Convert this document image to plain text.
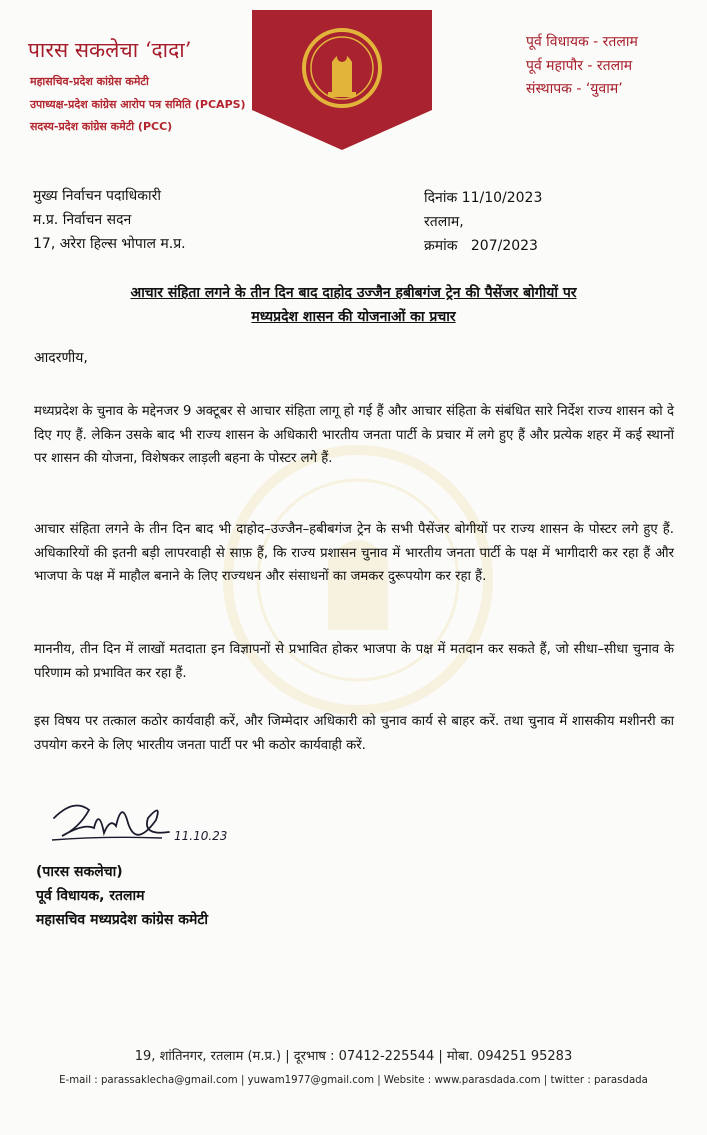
पारस सकलेचा ‘दादा’
महासचिव-प्रदेश कांग्रेस कमेटी
उपाध्यक्ष-प्रदेश कांग्रेस आरोप पत्र समिति (PCAPS)
सदस्य-प्रदेश कांग्रेस कमेटी (PCC)
पूर्व विधायक - रतलाम
पूर्व महापौर - रतलाम
संस्थापक - ‘युवाम’
मुख्य निर्वाचन पदाधिकारी
म.प्र. निर्वाचन सदन
17, अरेरा हिल्स भोपाल म.प्र.
दिनांक 11/10/2023
रतलाम,
क्रमांक 207/2023
आचार संहिता लगने के तीन दिन बाद दाहोद उज्जैन हबीबगंज ट्रेन की पैसेंजर बोगीयों पर
मध्यप्रदेश शासन की योजनाओं का प्रचार
आदरणीय,
मध्यप्रदेश के चुनाव के मद्देनजर 9 अक्टूबर से आचार संहिता लागू हो गई हैं और आचार संहिता के संबंधित सारे निर्देश राज्य शासन को दे दिए गए हैं. लेकिन उसके बाद भी राज्य शासन के अधिकारी भारतीय जनता पार्टी के प्रचार में लगे हुए हैं और प्रत्येक शहर में कई स्थानों पर शासन की योजना, विशेषकर लाड़ली बहना के पोस्टर लगे हैं.
आचार संहिता लगने के तीन दिन बाद भी दाहोद–उज्जैन–हबीबगंज ट्रेन के सभी पैसेंजर बोगीयों पर राज्य शासन के पोस्टर लगे हुए हैं. अधिकारियों की इतनी बड़ी लापरवाही से साफ़ हैं, कि राज्य प्रशासन चुनाव में भारतीय जनता पार्टी के पक्ष में भागीदारी कर रहा हैं और भाजपा के पक्ष में माहौल बनाने के लिए राज्यधन और संसाधनों का जमकर दुरूपयोग कर रहा हैं.
माननीय, तीन दिन में लाखों मतदाता इन विज्ञापनों से प्रभावित होकर भाजपा के पक्ष में मतदान कर सकते हैं, जो सीधा–सीधा चुनाव के परिणाम को प्रभावित कर रहा हैं.
इस विषय पर तत्काल कठोर कार्यवाही करें, और जिम्मेदार अधिकारी को चुनाव कार्य से बाहर करें. तथा चुनाव में शासकीय मशीनरी का उपयोग करने के लिए भारतीय जनता पार्टी पर भी कठोर कार्यवाही करें.
11.10.23
(पारस सकलेचा)
पूर्व विधायक, रतलाम
महासचिव मध्यप्रदेश कांग्रेस कमेटी
19, शांतिनगर, रतलाम (म.प्र.) | दूरभाष : 07412-225544 | मोबा. 094251 95283
E-mail : parassaklecha@gmail.com | yuwam1977@gmail.com | Website : www.parasdada.com | twitter : parasdada
